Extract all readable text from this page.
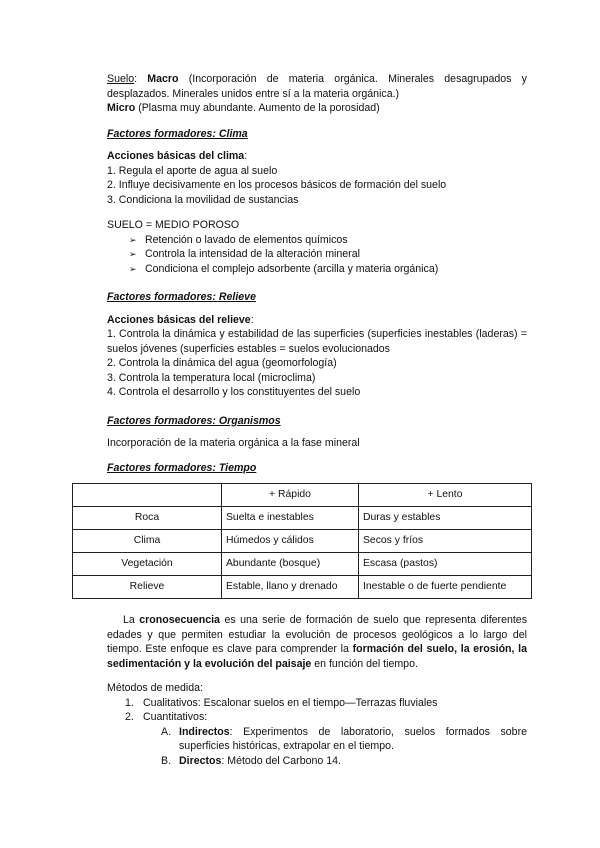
Suelo: Macro (Incorporación de materia orgánica. Minerales desagrupados y desplazados. Minerales unidos entre sí a la materia orgánica.)

Micro (Plasma muy abundante. Aumento de la porosidad)

Factores formadores: Clima

Acciones básicas del clima:

1. Regula el aporte de agua al suelo

2. Influye decisivamente en los procesos básicos de formación del suelo

3. Condiciona la movilidad de sustancias

SUELO = MEDIO POROSO

➢ Retención o lavado de elementos químicos

➢ Controla la intensidad de la alteración mineral

➢ Condiciona el complejo adsorbente (arcilla y materia orgánica)

Factores formadores: Relieve

Acciones básicas del relieve:

1. Controla la dinámica y estabilidad de las superficies (superficies inestables (laderas) = suelos jóvenes (superficies estables = suelos evolucionados

2. Controla la dinámica del agua (geomorfología)

3. Controla la temperatura local (microclima)

4. Controla el desarrollo y los constituyentes del suelo

Factores formadores: Organismos

Incorporación de la materia orgánica a la fase mineral

Factores formadores: Tiempo

	+ Rápido	+ Lento
Roca	Suelta e inestables	Duras y estables
Clima	Húmedos y cálidos	Secos y fríos
Vegetación	Abundante (bosque)	Escasa (pastos)
Relieve	Estable, llano y drenado	Inestable o de fuerte pendiente

La cronosecuencia es una serie de formación de suelo que representa diferentes edades y que permiten estudiar la evolución de procesos geológicos a lo largo del tiempo. Este enfoque es clave para comprender la formación del suelo, la erosión, la sedimentación y la evolución del paisaje en función del tiempo.

Métodos de medida:

1. Cualitativos: Escalonar suelos en el tiempo—Terrazas fluviales

2. Cuantitativos:

A. Indirectos: Experimentos de laboratorio, suelos formados sobre superficies históricas, extrapolar en el tiempo.

B. Directos: Método del Carbono 14.
